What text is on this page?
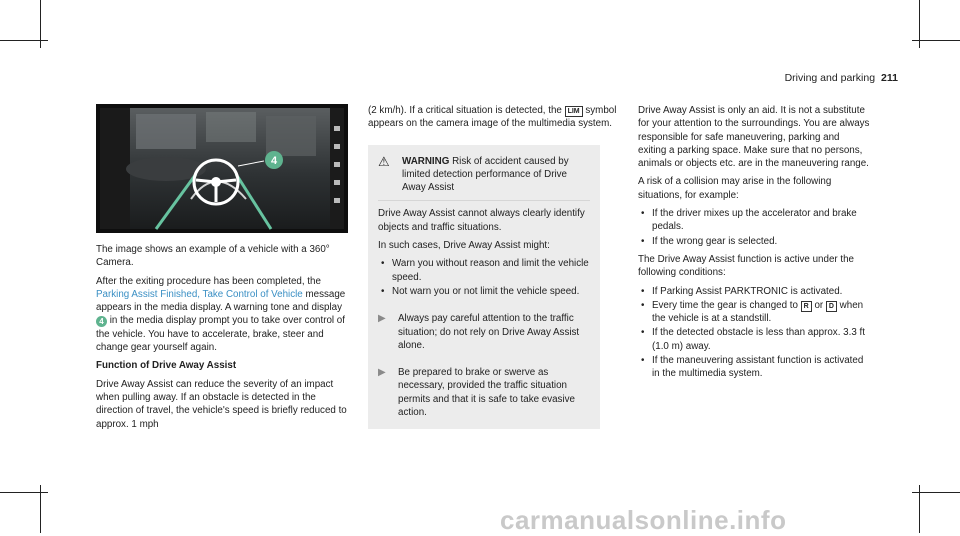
Driving and parking 211
4

The image shows an example of a vehicle with a 360° Camera.

After the exiting procedure has been completed, the Parking Assist Finished, Take Control of Vehicle message appears in the media display. A warning tone and display 4 in the media display prompt you to take over control of the vehicle. You have to accelerate, brake, steer and change gear yourself again.

Function of Drive Away Assist

Drive Away Assist can reduce the severity of an impact when pulling away. If an obstacle is detected in the direction of travel, the vehicle's speed is briefly reduced to approx. 1 mph

(2 km/h). If a critical situation is detected, the LIM symbol appears on the camera image of the multimedia system.

⚠	WARNING Risk of accident caused by limited detection performance of Drive Away Assist

Drive Away Assist cannot always clearly identify objects and traffic situations.

In such cases, Drive Away Assist might:

• Warn you without reason and limit the vehicle speed.
• Not warn you or not limit the vehicle speed.
▶ Always pay careful attention to the traffic situation; do not rely on Drive Away Assist alone.
▶ Be prepared to brake or swerve as necessary, provided the traffic situation permits and that it is safe to take evasive action.

Drive Away Assist is only an aid. It is not a substitute for your attention to the surroundings. You are always responsible for safe maneuvering, parking and exiting a parking space. Make sure that no persons, animals or objects etc. are in the maneuvering range.

A risk of a collision may arise in the following situations, for example:

• If the driver mixes up the accelerator and brake pedals.
• If the wrong gear is selected.

The Drive Away Assist function is active under the following conditions:

• If Parking Assist PARKTRONIC is activated.
• Every time the gear is changed to R or D when the vehicle is at a standstill.
• If the detected obstacle is less than approx. 3.3 ft (1.0 m) away.
• If the maneuvering assistant function is activated in the multimedia system.
carmanualsonline.info
